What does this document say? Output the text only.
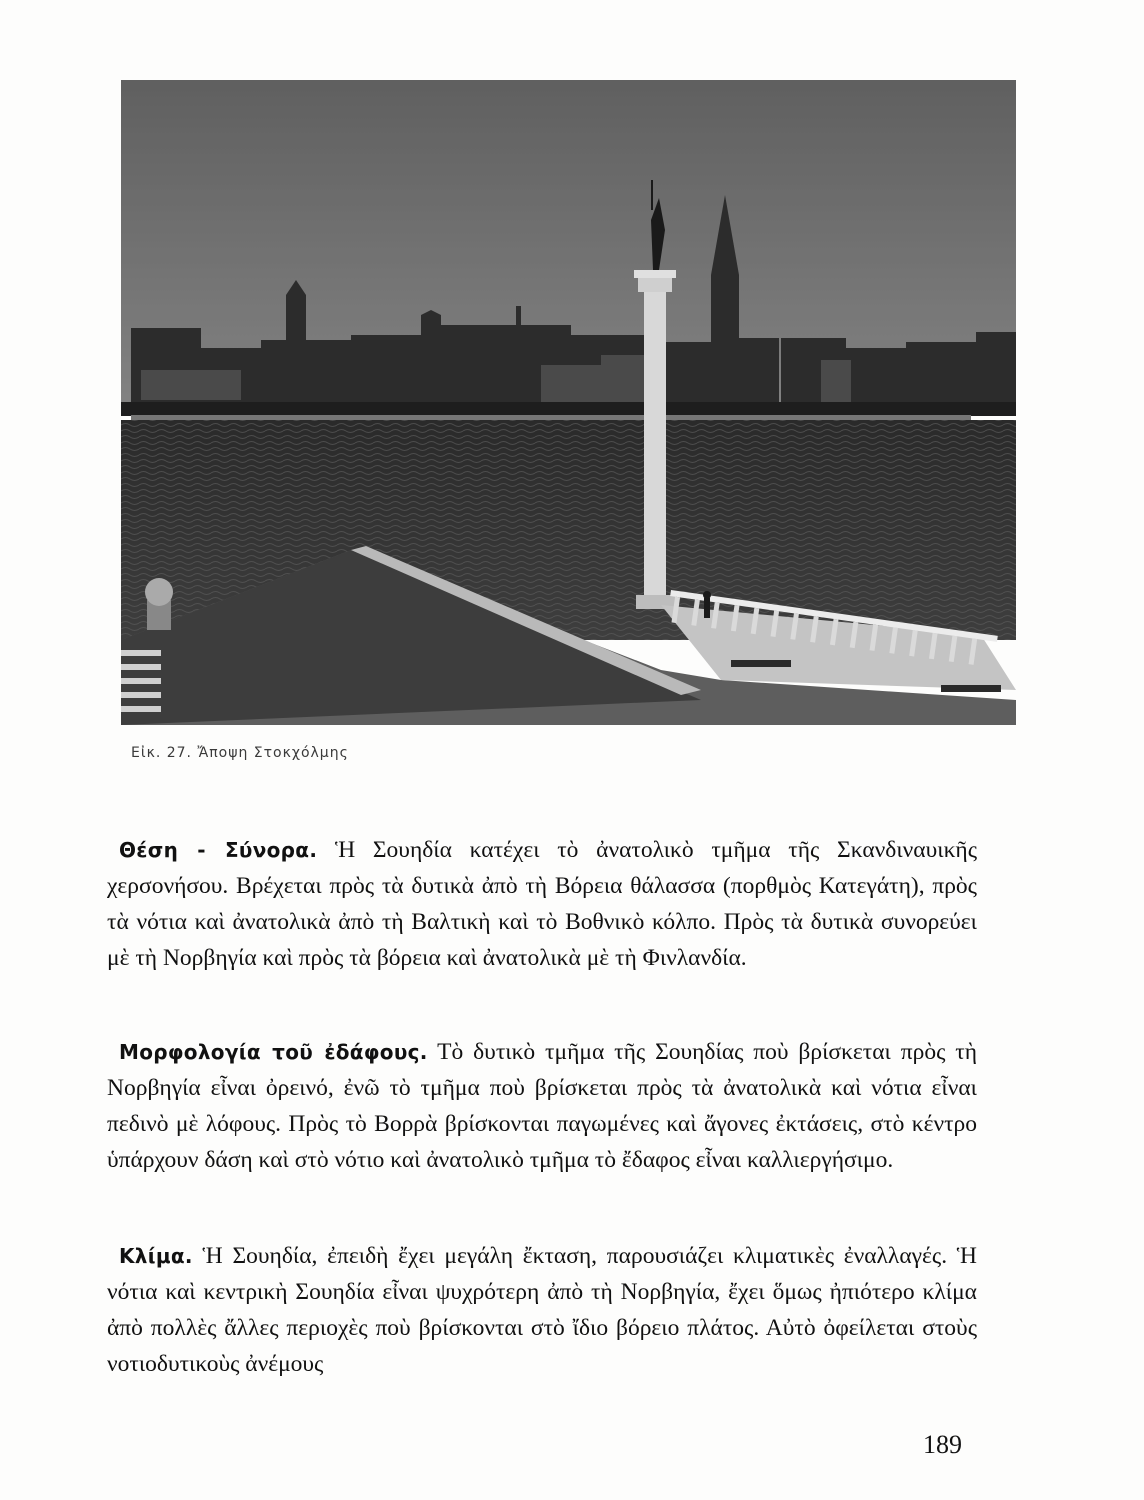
Εἰκ. 27. Ἄποψη Στοκχόλμης

Θέση - Σύνορα. Ἡ Σουηδία κατέχει τὸ ἀνατολικὸ τμῆμα τῆς Σκανδιναυικῆς χερσονήσου. Βρέχεται πρὸς τὰ δυτικὰ ἀπὸ τὴ Βόρεια θάλασσα (πορθμὸς Κατεγάτη), πρὸς τὰ νότια καὶ ἀνατολικὰ ἀπὸ τὴ Βαλτικὴ καὶ τὸ Βοθνικὸ κόλπο. Πρὸς τὰ δυτικὰ συνορεύει μὲ τὴ Νορβηγία καὶ πρὸς τὰ βόρεια καὶ ἀνατολικὰ μὲ τὴ Φινλανδία.

Μορφολογία τοῦ ἐδάφους. Τὸ δυτικὸ τμῆμα τῆς Σουηδίας ποὺ βρίσκεται πρὸς τὴ Νορβηγία εἶναι ὀρεινό, ἐνῶ τὸ τμῆμα ποὺ βρίσκεται πρὸς τὰ ἀνατολικὰ καὶ νότια εἶναι πεδινὸ μὲ λόφους. Πρὸς τὸ Βορρὰ βρίσκονται παγωμένες καὶ ἄγονες ἐκτάσεις, στὸ κέντρο ὑπάρχουν δάση καὶ στὸ νότιο καὶ ἀνατολικὸ τμῆμα τὸ ἔδαφος εἶναι καλλιεργήσιμο.

Κλίμα. Ἡ Σουηδία, ἐπειδὴ ἔχει μεγάλη ἔκταση, παρουσιάζει κλιματικὲς ἐναλλαγές. Ἡ νότια καὶ κεντρικὴ Σουηδία εἶναι ψυχρότερη ἀπὸ τὴ Νορβηγία, ἔχει ὅμως ἠπιότερο κλίμα ἀπὸ πολλὲς ἄλλες περιοχὲς ποὺ βρίσκονται στὸ ἴδιο βόρειο πλάτος. Αὐτὸ ὀφείλεται στοὺς νοτιοδυτικοὺς ἀνέμους

189
